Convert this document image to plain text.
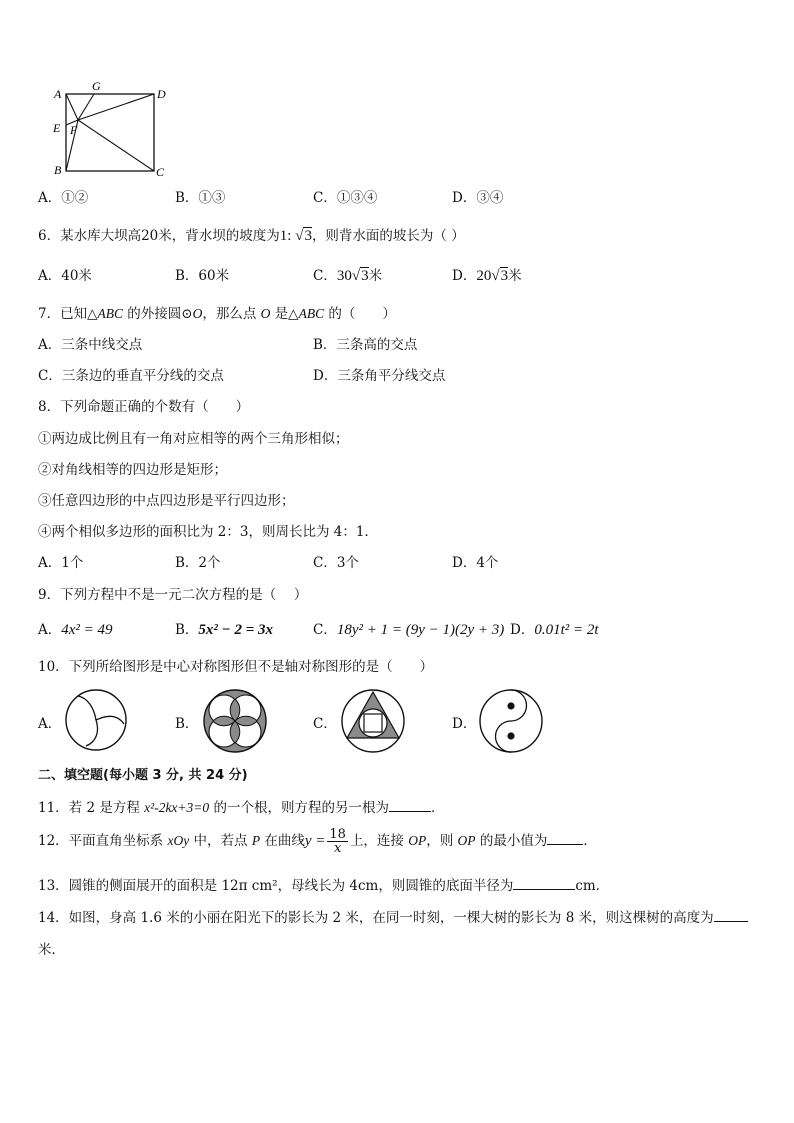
A
G
D
E F
B	C
A．①②	B．①③	C．①③④	D．③④
6．某水库大坝高20米，背水坝的坡度为1: √3，则背水面的坡长为（ ）
A．40米	B．60米	C．30√3米	D．20√3米
7．已知△ABC 的外接圆⊙O，那么点 O 是△ABC 的（　　）
A．三条中线交点	B．三条高的交点
C．三条边的垂直平分线的交点	D．三条角平分线交点
8．下列命题正确的个数有（　　）
①两边成比例且有一角对应相等的两个三角形相似；
②对角线相等的四边形是矩形；
③任意四边形的中点四边形是平行四边形；
④两个相似多边形的面积比为 2：3，则周长比为 4：1．
A．1个	B．2个	C．3个	D．4个
9．下列方程中不是一元二次方程的是（　 ）
A．4x² = 49	B．5x² − 2 = 3x	C．18y² + 1 = (9y − 1)(2y + 3) D．0.01t² = 2t
10．下列所给图形是中心对称图形但不是轴对称图形的是（　　）
A．	B．	C．	D．
二、填空题(每小题 3 分, 共 24 分)
11．若 2 是方程 x²-2kx+3=0 的一个根，则方程的另一根为	．
12．平面直角坐标系 xOy 中，若点 P 在曲线$y = \frac{18}{x}$ 上，连接 OP，则 OP 的最小值为	．
13．圆锥的侧面展开的面积是 12π cm²，母线长为 4cm，则圆锥的底面半径为	cm．
14．如图，身高 1.6 米的小丽在阳光下的影长为 2 米，在同一时刻，一棵大树的影长为 8 米，则这棵树的高度为
米．
